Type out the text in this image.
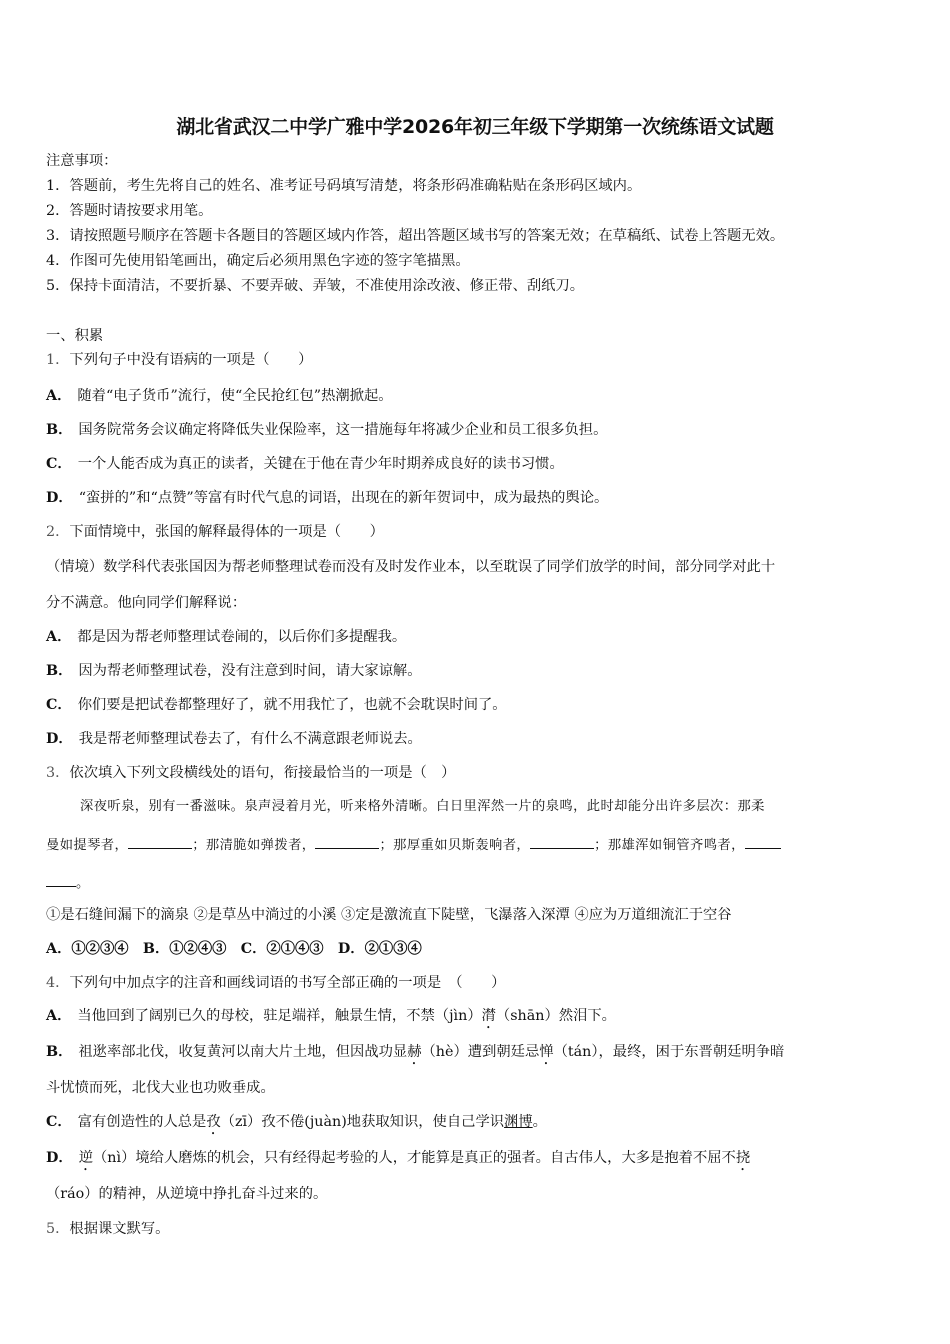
湖北省武汉二中学广雅中学2026年初三年级下学期第一次统练语文试题
注意事项：
1．答题前，考生先将自己的姓名、准考证号码填写清楚，将条形码准确粘贴在条形码区域内。
2．答题时请按要求用笔。
3．请按照题号顺序在答题卡各题目的答题区域内作答，超出答题区域书写的答案无效；在草稿纸、试卷上答题无效。
4．作图可先使用铅笔画出，确定后必须用黑色字迹的签字笔描黑。
5．保持卡面清洁，不要折暴、不要弄破、弄皱，不准使用涂改液、修正带、刮纸刀。
一、积累
1．下列句子中没有语病的一项是（　　）
A． 随着“电子货币”流行，使“全民抢红包”热潮掀起。
B． 国务院常务会议确定将降低失业保险率，这一措施每年将减少企业和员工很多负担。
C． 一个人能否成为真正的读者，关键在于他在青少年时期养成良好的读书习惯。
D． “蛮拼的”和“点赞”等富有时代气息的词语，出现在的新年贺词中，成为最热的舆论。
2．下面情境中，张国的解释最得体的一项是（　　）
（情境）数学科代表张国因为帮老师整理试卷而没有及时发作业本，以至耽误了同学们放学的时间，部分同学对此十
分不满意。他向同学们解释说：
A． 都是因为帮老师整理试卷闹的，以后你们多提醒我。
B． 因为帮老师整理试卷，没有注意到时间，请大家谅解。
C． 你们要是把试卷都整理好了，就不用我忙了，也就不会耽误时间了。
D． 我是帮老师整理试卷去了，有什么不满意跟老师说去。
3．依次填入下列文段横线处的语句，衔接最恰当的一项是（　）
深夜听泉，别有一番滋味。泉声浸着月光，听来格外清晰。白日里浑然一片的泉鸣，此时却能分出许多层次：那柔
曼如提琴者，	；那清脆如弹拨者，	；那厚重如贝斯轰响者，	；那雄浑如铜管齐鸣者，
。
①是石缝间漏下的滴泉 ②是草丛中淌过的小溪 ③定是激流直下陡壁，飞瀑落入深潭 ④应为万道细流汇于空谷
A．①②③④　B．①②④③　C．②①④③　D．②①③④
4．下列句中加点字的注音和画线词语的书写全部正确的一项是　（　　）
A． 当他回到了阔别已久的母校，驻足端祥，触景生情，不禁（jìn）潸（shān）然泪下。
B． 祖逖率部北伐，收复黄河以南大片土地，但因战功显赫（hè）遭到朝廷忌惮（tán），最终，困于东晋朝廷明争暗
斗忧愤而死，北伐大业也功败垂成。
C． 富有创造性的人总是孜（zī）孜不倦(juàn)地获取知识，使自己学识渊博。
D． 逆（nì）境给人磨炼的机会，只有经得起考验的人，才能算是真正的强者。自古伟人，大多是抱着不屈不挠
（ráo）的精神，从逆境中挣扎奋斗过来的。
5．根据课文默写。
